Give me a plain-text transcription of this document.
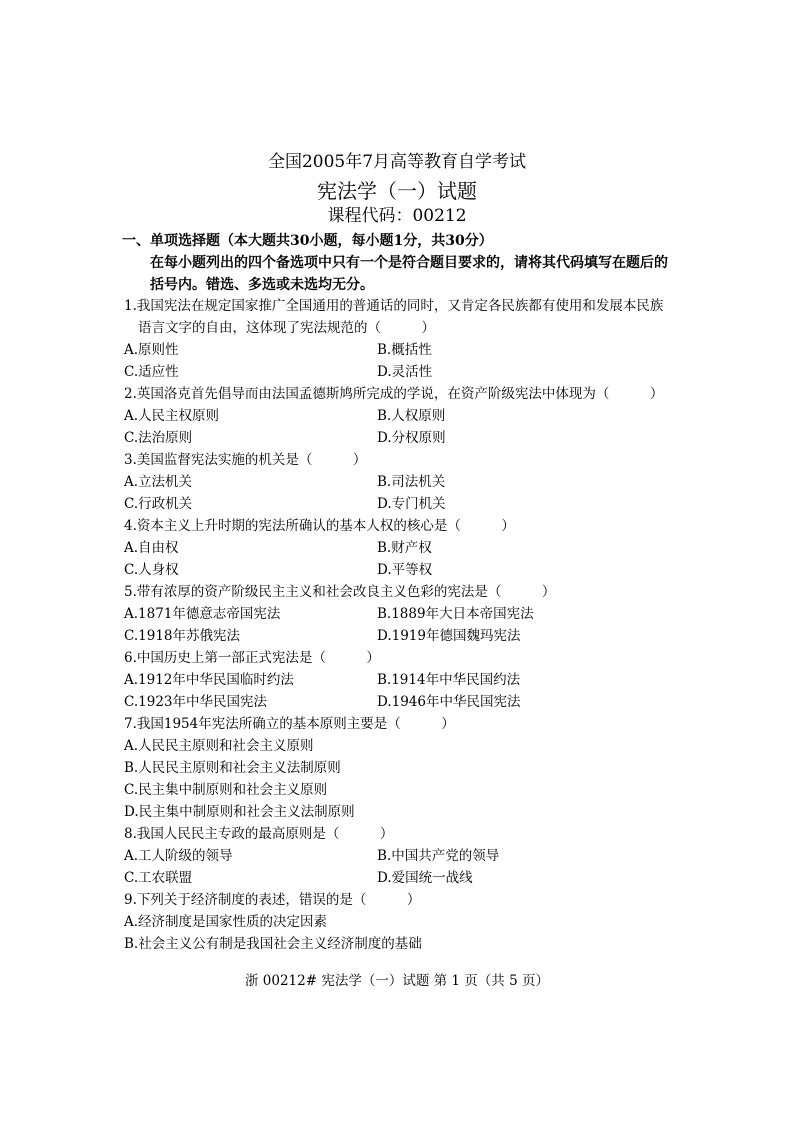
全国2005年7月高等教育自学考试
宪法学（一）试题
课程代码：00212
一、单项选择题（本大题共30小题，每小题1分，共30分）
在每小题列出的四个备选项中只有一个是符合题目要求的，请将其代码填写在题后的括号内。错选、多选或未选均无分。
1.我国宪法在规定国家推广全国通用的普通话的同时，又肯定各民族都有使用和发展本民族语言文字的自由，这体现了宪法规范的（　　　）
A.原则性	B.概括性
C.适应性	D.灵活性
2.英国洛克首先倡导而由法国孟德斯鸠所完成的学说，在资产阶级宪法中体现为（　　　）
A.人民主权原则	B.人权原则
C.法治原则	D.分权原则
3.美国监督宪法实施的机关是（　　　）
A.立法机关	B.司法机关
C.行政机关	D.专门机关
4.资本主义上升时期的宪法所确认的基本人权的核心是（　　　）
A.自由权	B.财产权
C.人身权	D.平等权
5.带有浓厚的资产阶级民主主义和社会改良主义色彩的宪法是（　　　）
A.1871年德意志帝国宪法	B.1889年大日本帝国宪法
C.1918年苏俄宪法	D.1919年德国魏玛宪法
6.中国历史上第一部正式宪法是（　　　）
A.1912年中华民国临时约法	B.1914年中华民国约法
C.1923年中华民国宪法	D.1946年中华民国宪法
7.我国1954年宪法所确立的基本原则主要是（　　　）
A.人民民主原则和社会主义原则
B.人民民主原则和社会主义法制原则
C.民主集中制原则和社会主义原则
D.民主集中制原则和社会主义法制原则
8.我国人民民主专政的最高原则是（　　　）
A.工人阶级的领导	B.中国共产党的领导
C.工农联盟	D.爱国统一战线
9.下列关于经济制度的表述，错误的是（　　　）
A.经济制度是国家性质的决定因素
B.社会主义公有制是我国社会主义经济制度的基础
浙 00212# 宪法学（一）试题 第 1 页（共 5 页）
